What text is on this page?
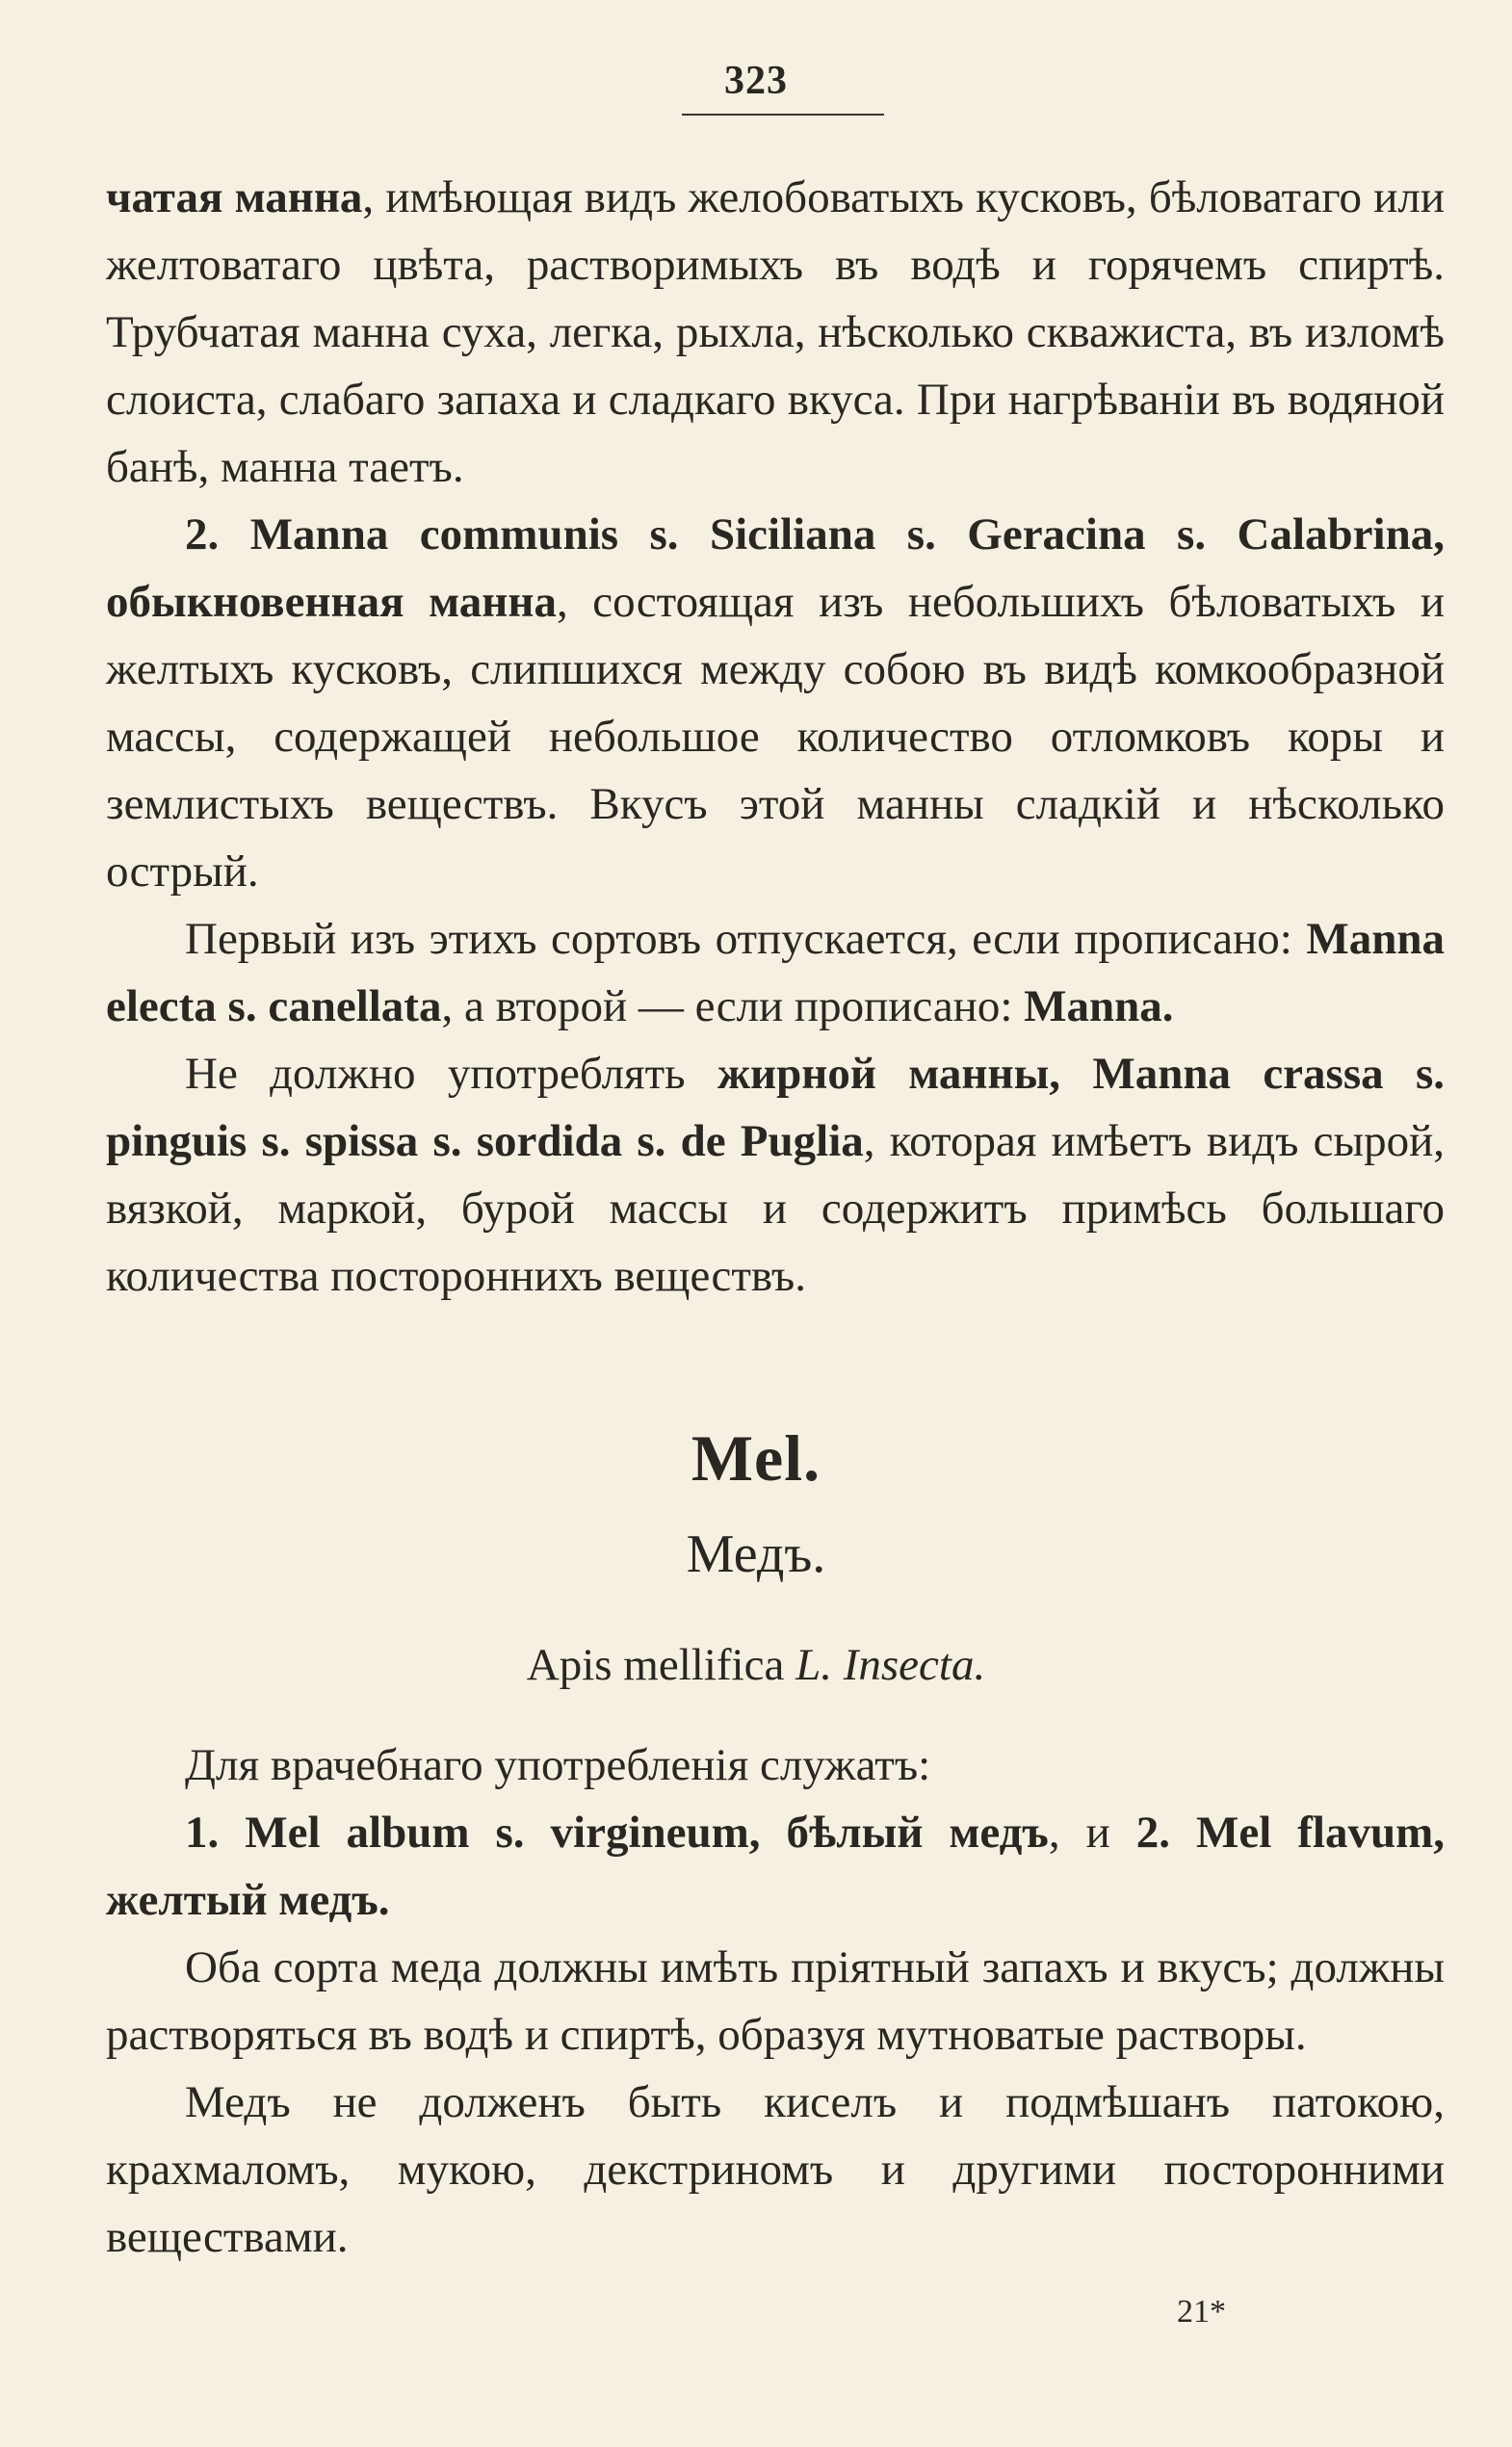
323

чатая манна, имѣющая видъ желобоватыхъ кусковъ, бѣловатаго или желтоватаго цвѣта, растворимыхъ въ водѣ и горячемъ спиртѣ. Трубчатая манна суха, легка, рыхла, нѣсколько скважиста, въ изломѣ слоиста, слабаго запаха и сладкаго вкуса. При нагрѣванiи въ водяной банѣ, манна таетъ.

2. Manna communis s. Siciliana s. Geracina s. Calabrina, обыкновенная манна, состоящая изъ небольшихъ бѣловатыхъ и желтыхъ кусковъ, слипшихся между собою въ видѣ комкообразной массы, содержащей небольшое количество отломковъ коры и землистыхъ веществъ. Вкусъ этой манны сладкiй и нѣсколько острый.

Первый изъ этихъ сортовъ отпускается, если прописано: Manna electa s. canellata, а второй — если прописано: Manna.

Не должно употреблять жирной манны, Manna crassa s. pinguis s. spissa s. sordida s. de Puglia, которая имѣетъ видъ сырой, вязкой, маркой, бурой массы и содержитъ примѣсь большаго количества постороннихъ веществъ.

Mel.
Медъ.
Apis mellifica L. Insecta.

Для врачебнаго употребленiя служатъ:

1. Mel album s. virgineum, бѣлый медъ, и 2. Mel flavum, желтый медъ.

Оба сорта меда должны имѣть прiятный запахъ и вкусъ; должны растворяться въ водѣ и спиртѣ, образуя мутноватые растворы.

Медъ не долженъ быть киселъ и подмѣшанъ патокою, крахмаломъ, мукою, декстриномъ и другими посторонними веществами.

21*
